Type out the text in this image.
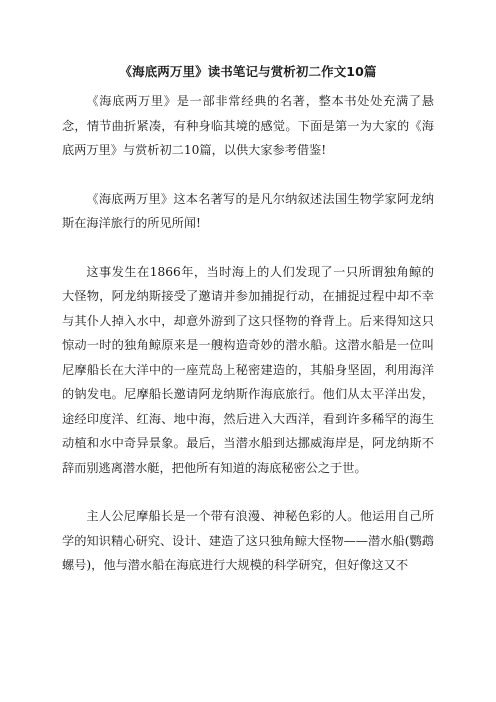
《海底两万里》读书笔记与赏析初二作文10篇

《海底两万里》是一部非常经典的名著，整本书处处充满了悬念，情节曲折紧凑，有种身临其境的感觉。下面是第一为大家的《海底两万里》与赏析初二10篇，以供大家参考借鉴!

《海底两万里》这本名著写的是凡尔纳叙述法国生物学家阿龙纳斯在海洋旅行的所见所闻!

这事发生在1866年，当时海上的人们发现了一只所谓独角鲸的大怪物，阿龙纳斯接受了邀请并参加捕捉行动，在捕捉过程中却不幸与其仆人掉入水中，却意外游到了这只怪物的脊背上。后来得知这只惊动一时的独角鲸原来是一艘构造奇妙的潜水船。这潜水船是一位叫尼摩船长在大洋中的一座荒岛上秘密建造的，其船身坚固，利用海洋的钠发电。尼摩船长邀请阿龙纳斯作海底旅行。他们从太平洋出发，途经印度洋、红海、地中海，然后进入大西洋，看到许多稀罕的海生动植和水中奇异景象。最后，当潜水船到达挪威海岸是，阿龙纳斯不辞而别逃离潜水艇，把他所有知道的海底秘密公之于世。

主人公尼摩船长是一个带有浪漫、神秘色彩的人。他运用自己所学的知识精心研究、设计、建造了这只独角鲸大怪物——潜水船(鹦鹉螺号)，他与潜水船在海底进行大规模的科学研究，但好像这又不
